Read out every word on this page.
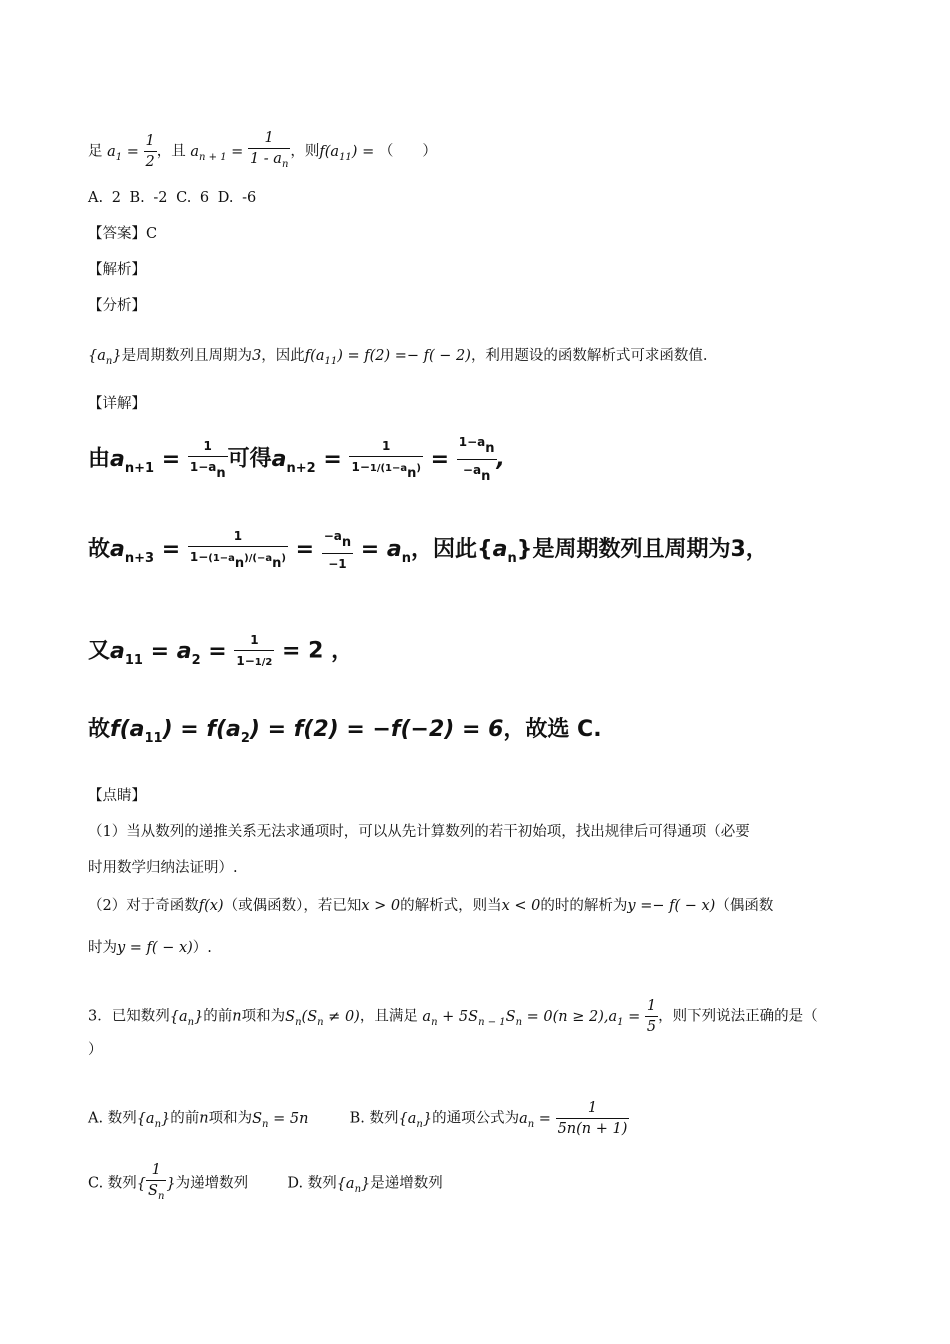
足 $a_1 = \frac{1}{2}$ ，且 $a_{n + 1} = \frac{1}{1 - a_n}$ ，则$f(a_{11})$ = （　　）
A. 2 B. -2 C. 6 D. -6
【答案】C
【解析】
【分析】
$\{a_n\}$是周期数列且周期为3，因此$f(a_{11}) = f(2) =- f( - 2)$，利用题设的函数解析式可求函数值.
【详解】
由$a_{n+1} = \frac{1}{1-an}$ 可得$a_{n+2} = \frac{1}{1-1/(1-an)} = \frac{1-an}{-an}$ ,
故$a_{n+3} = \frac{1}{1-(1-an)/(-an)} = \frac{-an}{-1} = a_n$，因此$\{a_n\}$是周期数列且周期为3，
又$a_{11} = a_2 = \frac{1}{1-1/2} = 2$ ，
故$f(a_{11}) = f(a_2) = f(2) = -f(-2) = 6$，故选 C.
【点睛】
（1）当从数列的递推关系无法求通项时，可以从先计算数列的若干初始项，找出规律后可得通项（必要
时用数学归纳法证明）.
（2）对于奇函数f(x)（或偶函数），若已知x > 0的解析式，则当x < 0的时的解析为y =− f( − x)（偶函数
时为y = f( − x)）.
3．已知数列$\{a_n\}$的前n项和为$S_n(S_n \ne 0)$，且满足 $a_n + 5S_{n - 1}S_n = 0(n \ge 2),a_1 = \frac{1}{5}$ ，则下列说法正确的是（
）
A. 数列$\{a_n\}$的前n项和为$S_n = 5n$	B. 数列$\{a_n\}$的通项公式为$a_n = \frac{1}{5n(n + 1)}$
C. 数列{ $\frac{1}{S_n}$ }为递增数列	D. 数列$\{a_n\}$是递增数列
